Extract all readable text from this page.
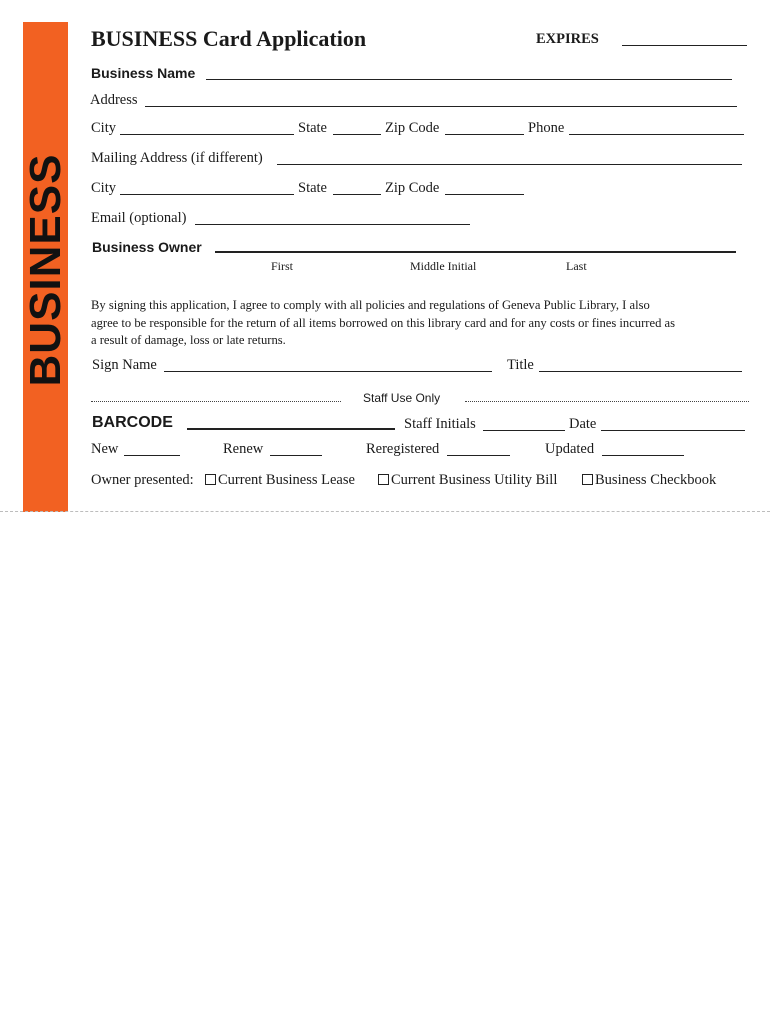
BUSINESS
BUSINESS Card Application	EXPIRES
Business Name
Address
City	State	Zip Code	Phone
Mailing Address (if different)
City	State	Zip Code
Email (optional)
Business Owner
First	Middle Initial	Last
By signing this application, I agree to comply with all policies and regulations of Geneva Public Library, I also
agree to be responsible for the return of all items borrowed on this library card and for any costs or fines incurred as
a result of damage, loss or late returns.
Sign Name	Title
Staff Use Only
BARCODE	Staff Initials	Date
New	Renew	Reregistered	Updated
Owner presented:	Current Business Lease	Current Business Utility Bill	Business Checkbook
